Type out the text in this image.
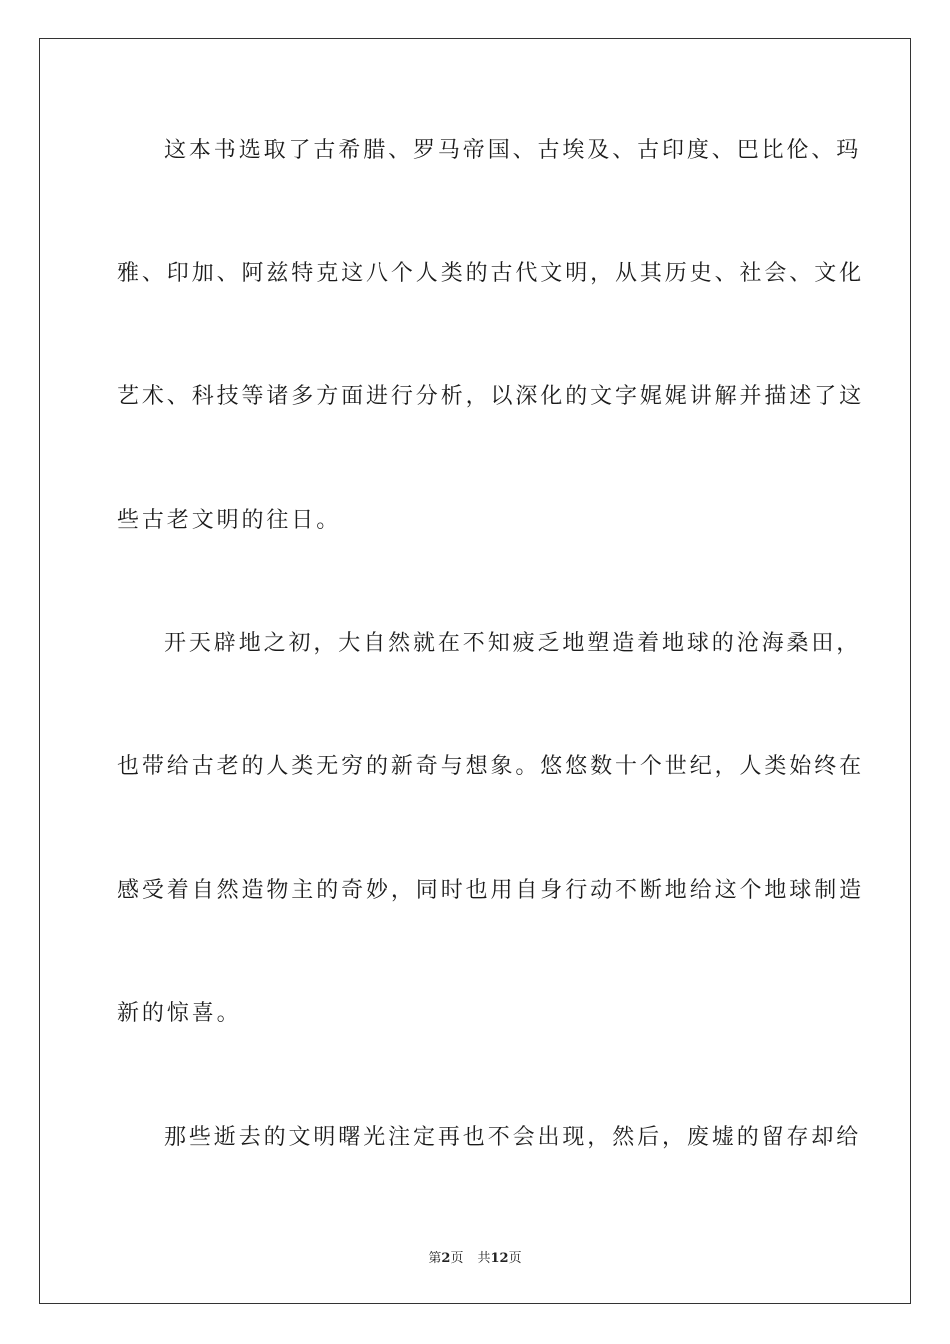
这本书选取了古希腊、罗马帝国、古埃及、古印度、巴比伦、玛
雅、印加、阿兹特克这八个人类的古代文明，从其历史、社会、文化
艺术、科技等诸多方面进行分析，以深化的文字娓娓讲解并描述了这
些古老文明的往日。
开天辟地之初，大自然就在不知疲乏地塑造着地球的沧海桑田，
也带给古老的人类无穷的新奇与想象。悠悠数十个世纪，人类始终在
感受着自然造物主的奇妙，同时也用自身行动不断地给这个地球制造
新的惊喜。
那些逝去的文明曙光注定再也不会出现，然后，废墟的留存却给
第2页 共12页
